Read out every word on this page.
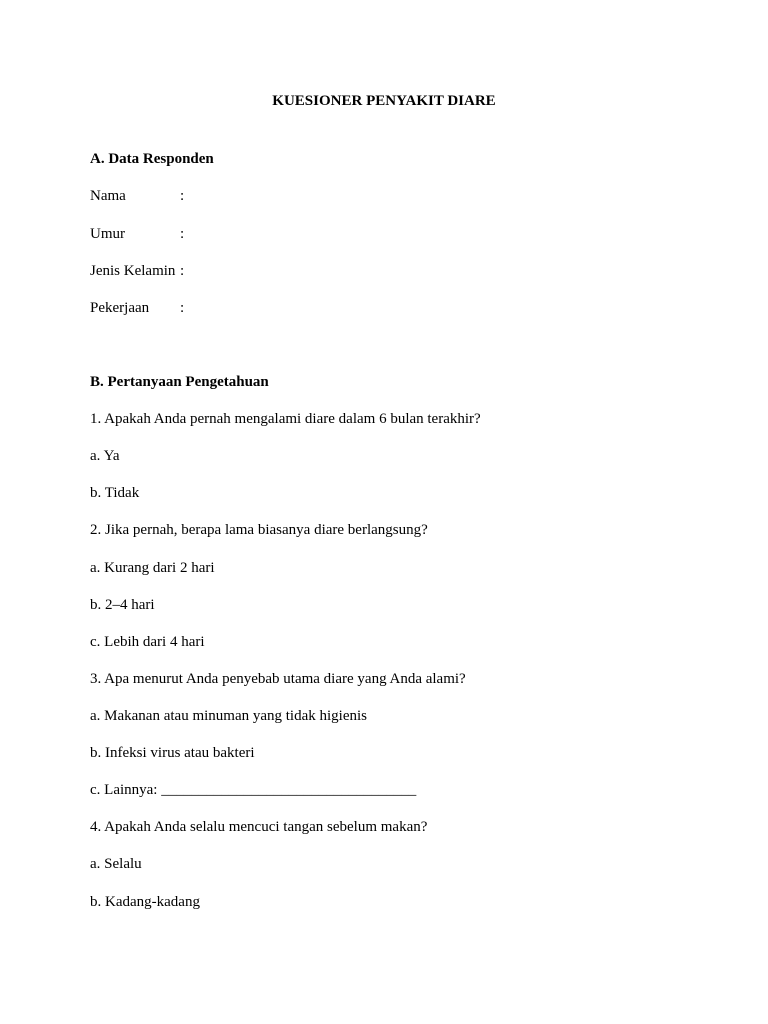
KUESIONER PENYAKIT DIARE
A. Data Responden
Nama	:
Umur	:
Jenis Kelamin :
Pekerjaan :
B. Pertanyaan Pengetahuan
1. Apakah Anda pernah mengalami diare dalam 6 bulan terakhir?
a. Ya
b. Tidak
2. Jika pernah, berapa lama biasanya diare berlangsung?
a. Kurang dari 2 hari
b. 2–4 hari
c. Lebih dari 4 hari
3. Apa menurut Anda penyebab utama diare yang Anda alami?
a. Makanan atau minuman yang tidak higienis
b. Infeksi virus atau bakteri
c. Lainnya: __________________________________
4. Apakah Anda selalu mencuci tangan sebelum makan?
a. Selalu
b. Kadang-kadang
